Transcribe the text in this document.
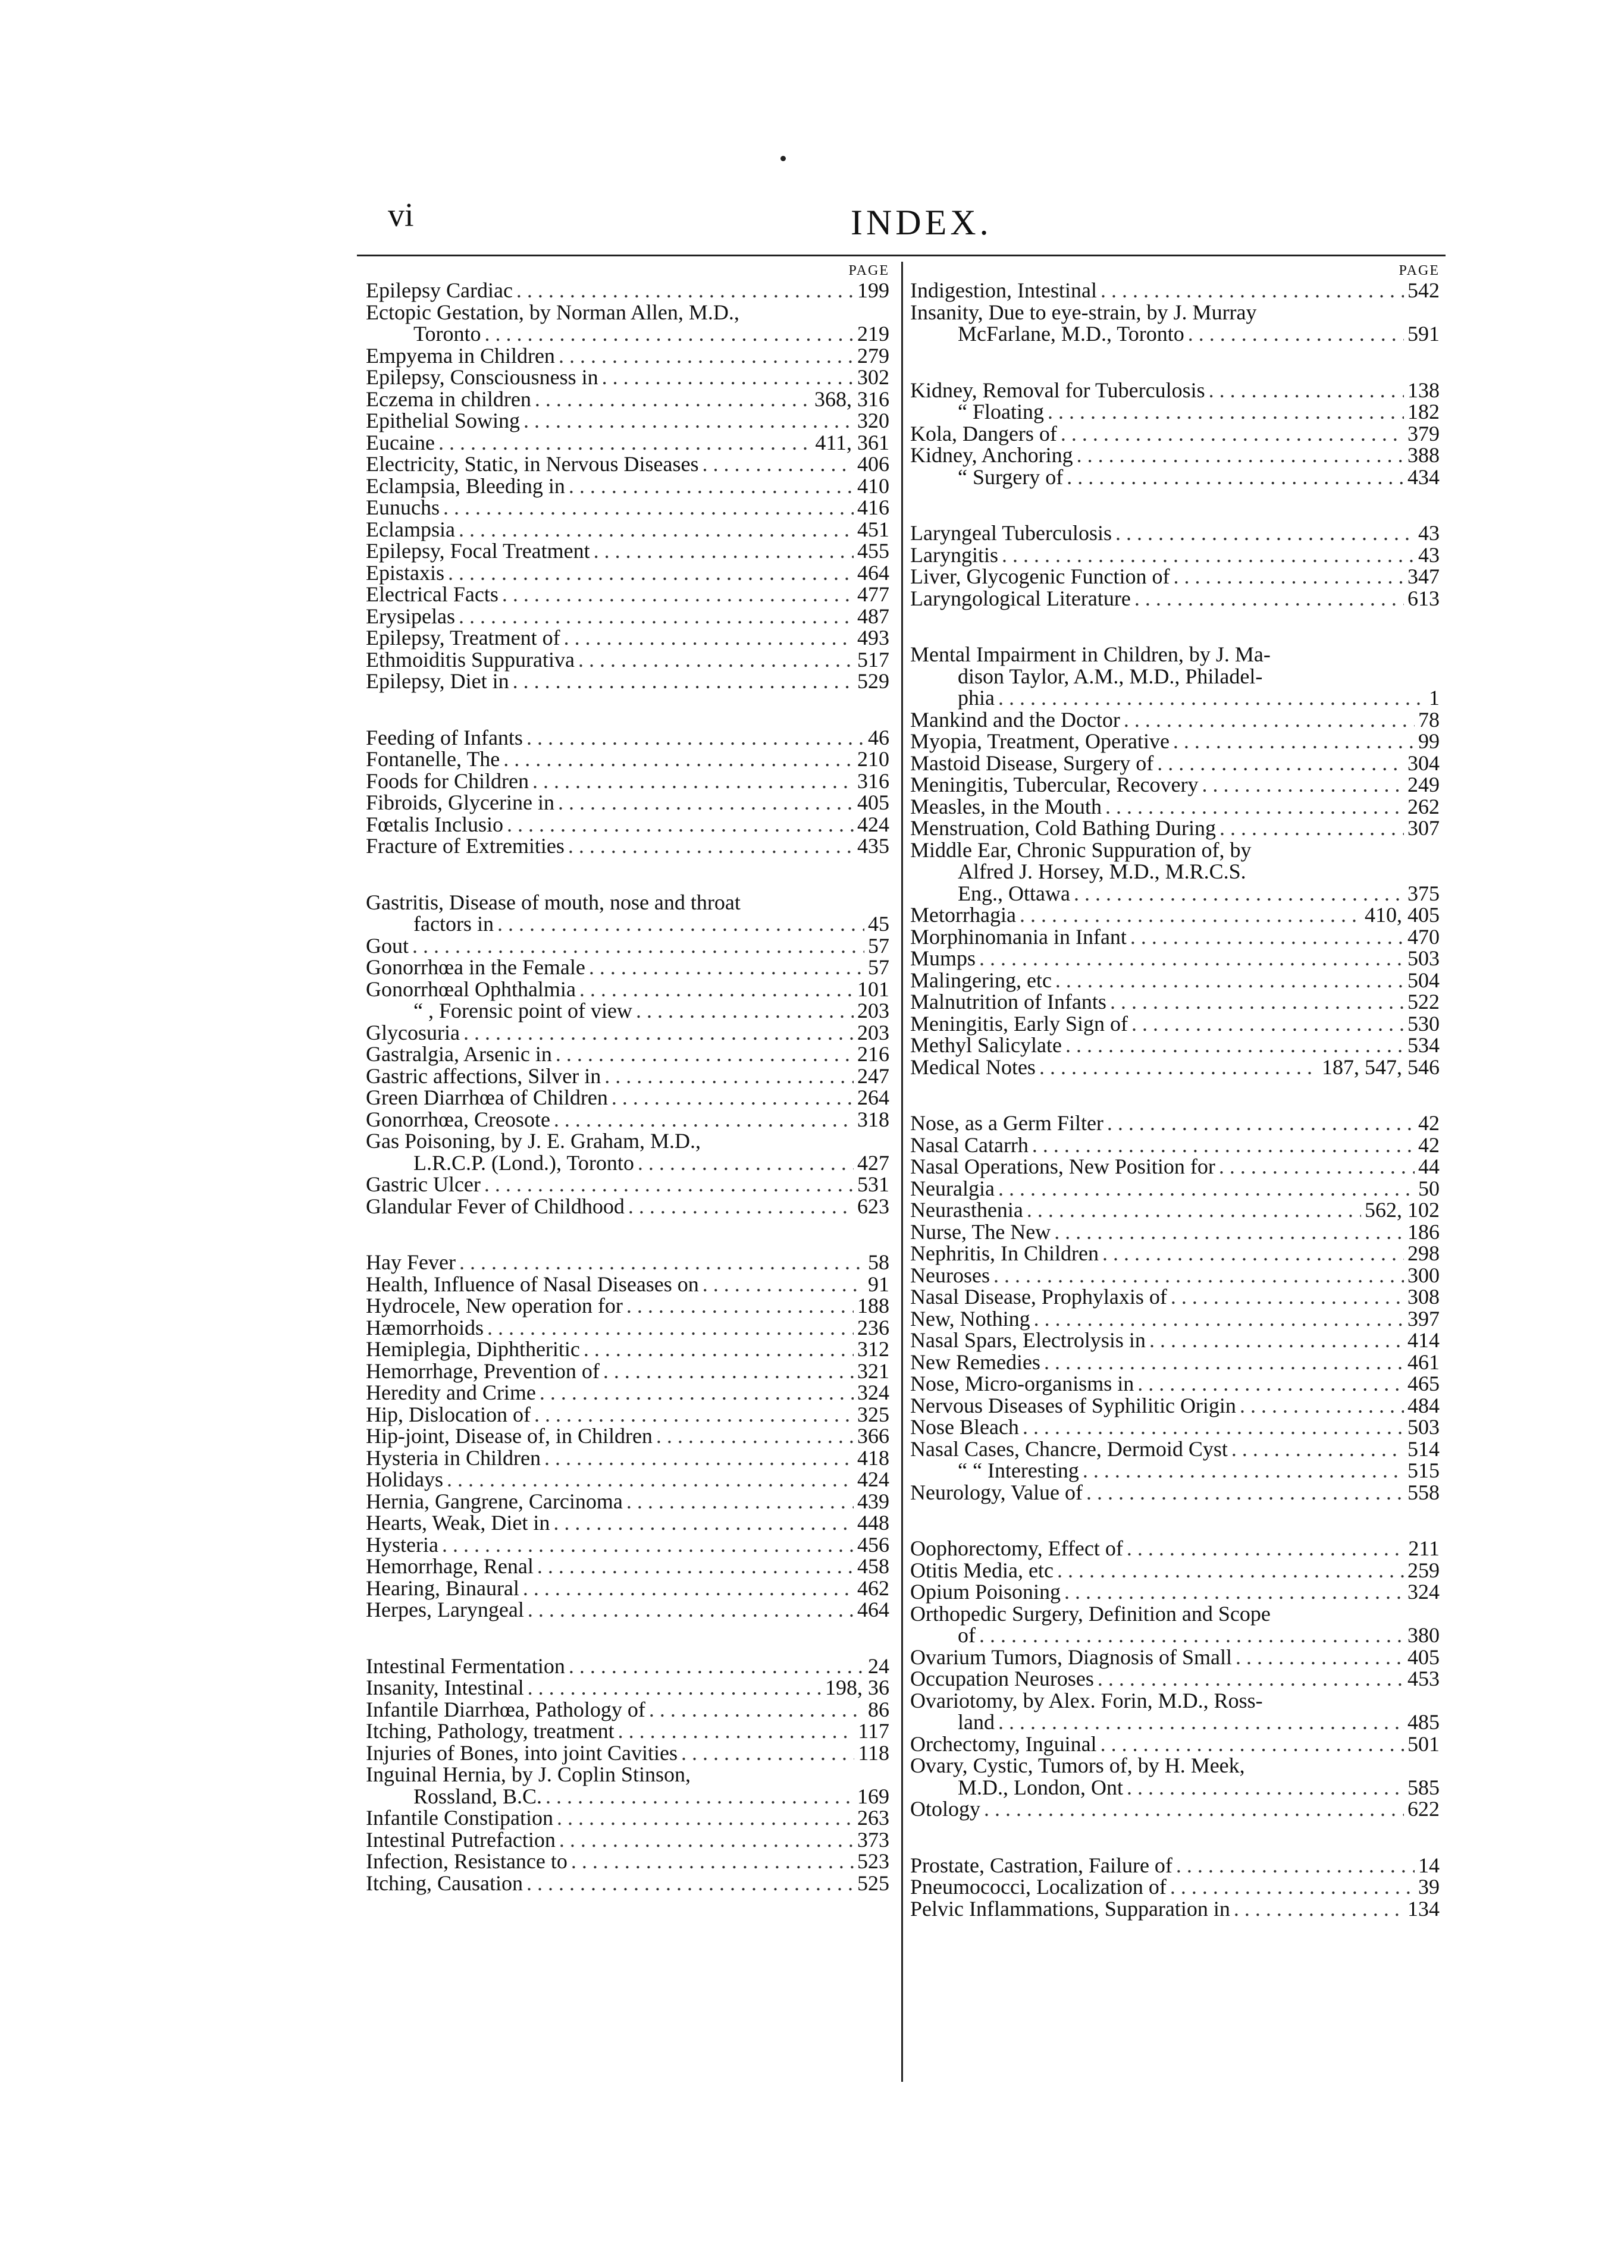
vi	INDEX.
PAGE
Epilepsy Cardiac . . .	199
Ectopic Gestation, by Norman Allen, M.D.,
Toronto . . .	219
Empyema in Children . . .	279
Epilepsy, Consciousness in . . .	302
Eczema in children . . .	368, 316
Epithelial Sowing . . .	320
Eucaine . . .	411, 361
Electricity, Static, in Nervous Diseases . . .	406
Eclampsia, Bleeding in . . .	410
Eunuchs . . .	416
Eclampsia . . .	451
Epilepsy, Focal Treatment . . .	455
Epistaxis . . .	464
Electrical Facts . . .	477
Erysipelas . . .	487
Epilepsy, Treatment of . . .	493
Ethmoiditis Suppurativa . . .	517
Epilepsy, Diet in . . .	529
Feeding of Infants . . .	46
Fontanelle, The . . .	210
Foods for Children . . .	316
Fibroids, Glycerine in . . .	405
Fœtalis Inclusio . . .	424
Fracture of Extremities . . .	435
Gastritis, Disease of mouth, nose and throat
factors in . . .	45
Gout . . .	57
Gonorrhœa in the Female . . .	57
Gonorrhœal Ophthalmia . . .	101
“ , Forensic point of view . . .	203
Glycosuria . . .	203
Gastralgia, Arsenic in . . .	216
Gastric affections, Silver in . . .	247
Green Diarrhœa of Children . . .	264
Gonorrhœa, Creosote . . .	318
Gas Poisoning, by J. E. Graham, M.D.,
L.R.C.P. (Lond.), Toronto . . .	427
Gastric Ulcer . . .	531
Glandular Fever of Childhood . . .	623
Hay Fever . . .	58
Health, Influence of Nasal Diseases on . . .	91
Hydrocele, New operation for . . .	188
Hæmorrhoids . . .	236
Hemiplegia, Diphtheritic . . .	312
Hemorrhage, Prevention of . . .	321
Heredity and Crime . . .	324
Hip, Dislocation of . . .	325
Hip-joint, Disease of, in Children . . .	366
Hysteria in Children . . .	418
Holidays . . .	424
Hernia, Gangrene, Carcinoma . . .	439
Hearts, Weak, Diet in . . .	448
Hysteria . . .	456
Hemorrhage, Renal . . .	458
Hearing, Binaural . . .	462
Herpes, Laryngeal . . .	464
Intestinal Fermentation . . .	24
Insanity, Intestinal . . .	198, 36
Infantile Diarrhœa, Pathology of . . .	86
Itching, Pathology, treatment . . .	117
Injuries of Bones, into joint Cavities . . .	118
Inguinal Hernia, by J. Coplin Stinson,
Rossland, B.C. . . .	169
Infantile Constipation . . .	263
Intestinal Putrefaction . . .	373
Infection, Resistance to . . .	523
Itching, Causation . . .	525
PAGE
Indigestion, Intestinal . . .	542
Insanity, Due to eye-strain, by J. Murray
McFarlane, M.D., Toronto . . .	591
Kidney, Removal for Tuberculosis . . .	138
“ Floating . . .	182
Kola, Dangers of . . .	379
Kidney, Anchoring . . .	388
“ Surgery of . . .	434
Laryngeal Tuberculosis . . .	43
Laryngitis . . .	43
Liver, Glycogenic Function of . . .	347
Laryngological Literature . . .	613
Mental Impairment in Children, by J. Ma-
dison Taylor, A.M., M.D., Philadel-
phia . . .	1
Mankind and the Doctor . . .	78
Myopia, Treatment, Operative . . .	99
Mastoid Disease, Surgery of . . .	304
Meningitis, Tubercular, Recovery . . .	249
Measles, in the Mouth . . .	262
Menstruation, Cold Bathing During . . .	307
Middle Ear, Chronic Suppuration of, by
Alfred J. Horsey, M.D., M.R.C.S.
Eng., Ottawa . . .	375
Metorrhagia . . .	410, 405
Morphinomania in Infant . . .	470
Mumps . . .	503
Malingering, etc . . .	504
Malnutrition of Infants . . .	522
Meningitis, Early Sign of . . .	530
Methyl Salicylate . . .	534
Medical Notes . . .	187, 547, 546
Nose, as a Germ Filter . . .	42
Nasal Catarrh . . .	42
Nasal Operations, New Position for . . .	44
Neuralgia . . .	50
Neurasthenia . . .	562, 102
Nurse, The New . . .	186
Nephritis, In Children . . .	298
Neuroses . . .	300
Nasal Disease, Prophylaxis of . . .	308
New, Nothing . . .	397
Nasal Spars, Electrolysis in . . .	414
New Remedies . . .	461
Nose, Micro-organisms in . . .	465
Nervous Diseases of Syphilitic Origin . . .	484
Nose Bleach . . .	503
Nasal Cases, Chancre, Dermoid Cyst . . .	514
“ “ Interesting . . .	515
Neurology, Value of . . .	558
Oophorectomy, Effect of . . .	211
Otitis Media, etc . . .	259
Opium Poisoning . . .	324
Orthopedic Surgery, Definition and Scope
of . . .	380
Ovarium Tumors, Diagnosis of Small . . .	405
Occupation Neuroses . . .	453
Ovariotomy, by Alex. Forin, M.D., Ross-
land . . .	485
Orchectomy, Inguinal . . .	501
Ovary, Cystic, Tumors of, by H. Meek,
M.D., London, Ont . . .	585
Otology . . .	622
Prostate, Castration, Failure of . . .	14
Pneumococci, Localization of . . .	39
Pelvic Inflammations, Supparation in . . .	134
